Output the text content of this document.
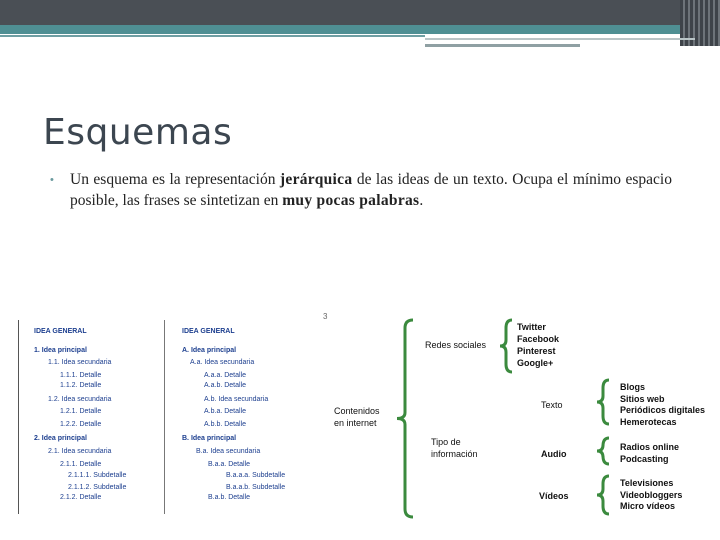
Esquemas
• Un esquema es la representación jerárquica de las ideas de un texto. Ocupa el mínimo espacio posible, las frases se sintetizan en muy pocas palabras.
IDEA GENERAL
1. Idea principal
1.1. Idea secundaria
1.1.1. Detalle
1.1.2. Detalle
1.2. Idea secundaria
1.2.1. Detalle
1.2.2. Detalle
2. Idea principal
2.1. Idea secundaria
2.1.1. Detalle
2.1.1.1. Subdetalle
2.1.1.2. Subdetalle
2.1.2. Detalle
IDEA GENERAL
A. Idea principal
A.a. Idea secundaria
A.a.a. Detalle
A.a.b. Detalle
A.b. Idea secundaria
A.b.a. Detalle
A.b.b. Detalle
B. Idea principal
B.a. Idea secundaria
B.a.a. Detalle
B.a.a.a. Subdetalle
B.a.a.b. Subdetalle
B.a.b. Detalle
3
Contenidos
en internet
Redes sociales
Twitter
Facebook
Pinterest
Google+
Tipo de
información
Texto
Blogs
Sitios web
Periódicos digitales
Hemerotecas
Audio
Radios online
Podcasting
Vídeos
Televisiones
Videobloggers
Micro vídeos
